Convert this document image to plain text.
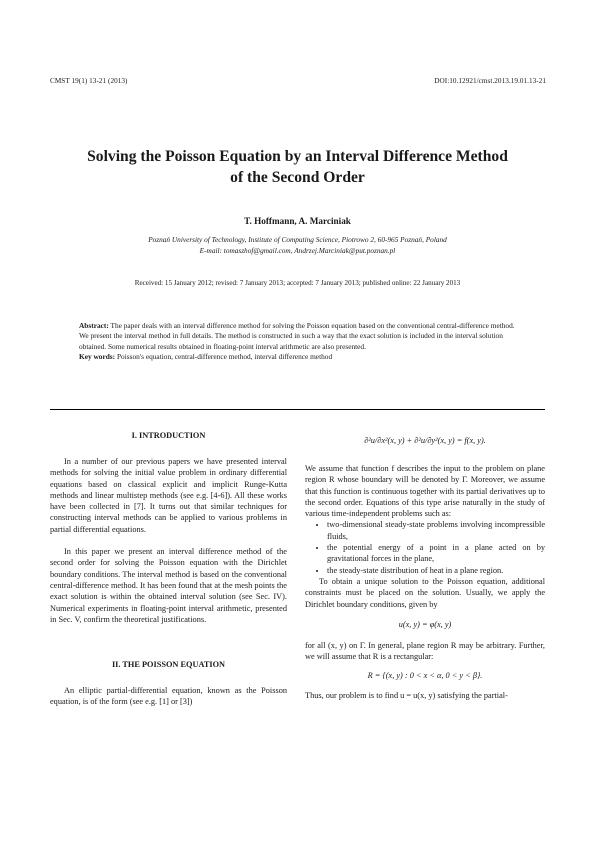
CMST 19(1) 13-21 (2013)	DOI:10.12921/cmst.2013.19.01.13-21
Solving the Poisson Equation by an Interval Difference Method
of the Second Order
T. Hoffmann, A. Marciniak
Poznań University of Technology, Institute of Computing Science, Piotrowo 2, 60-965 Poznań, Poland
E-mail: tomaszhof@gmail.com, Andrzej.Marciniak@put.poznan.pl
Received: 15 January 2012; revised: 7 January 2013; accepted: 7 January 2013; published online: 22 January 2013
Abstract: The paper deals with an interval difference method for solving the Poisson equation based on the conventional central-difference method. We present the interval method in full details. The method is constructed in such a way that the exact solution is included in the interval solution obtained. Some numerical results obtained in floating-point interval arithmetic are also presented.
Key words: Poisson's equation, central-difference method, interval difference method
I. INTRODUCTION

In a number of our previous papers we have presented interval methods for solving the initial value problem in ordinary differential equations based on classical explicit and implicit Runge-Kutta methods and linear multistep methods (see e.g. [4-6]). All these works have been collected in [7]. It turns out that similar techniques for constructing interval methods can be applied to various problems in partial differential equations.

In this paper we present an interval difference method of the second order for solving the Poisson equation with the Dirichlet boundary conditions. The interval method is based on the conventional central-difference method. It has been found that at the mesh points the exact solution is within the obtained interval solution (see Sec. IV). Numerical experiments in floating-point interval arithmetic, presented in Sec. V, confirm the theoretical justifications.

II. THE POISSON EQUATION

An elliptic partial-differential equation, known as the Poisson equation, is of the form (see e.g. [1] or [3])

∂²u/∂x²(x, y) + ∂²u/∂y²(x, y) = f(x, y).

We assume that function f describes the input to the problem on plane region R whose boundary will be denoted by Γ. Moreover, we assume that this function is continuous together with its partial derivatives up to the second order. Equations of this type arise naturally in the study of various time-independent problems such as:

• two-dimensional steady-state problems involving incompressible fluids,
• the potential energy of a point in a plane acted on by gravitational forces in the plane,
• the steady-state distribution of heat in a plane region.

To obtain a unique solution to the Poisson equation, additional constraints must be placed on the solution. Usually, we apply the Dirichlet boundary conditions, given by

u(x, y) = φ(x, y)

for all (x, y) on Γ. In general, plane region R may be arbitrary. Further, we will assume that R is a rectangular:

R = {(x, y) : 0 < x < α, 0 < y < β}.

Thus, our problem is to find u = u(x, y) satisfying the partial-
